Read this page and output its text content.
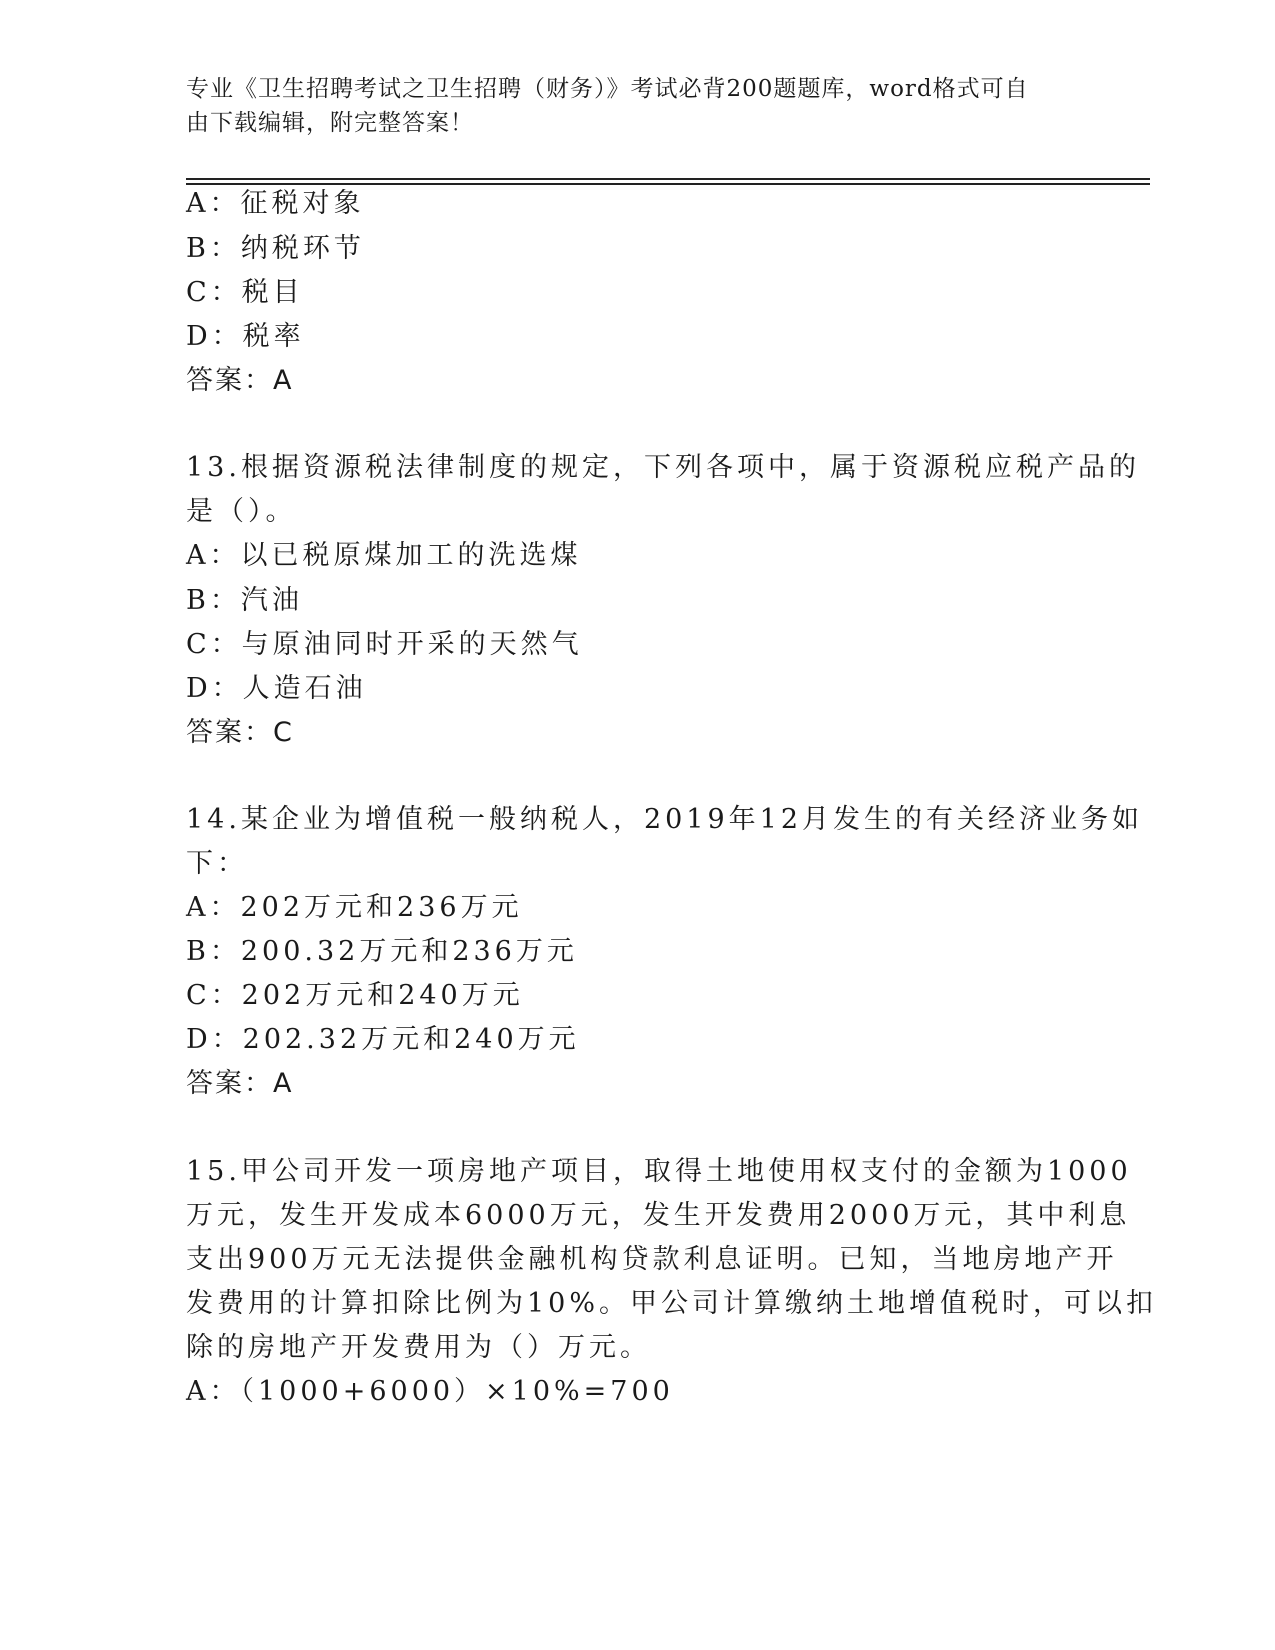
专业《卫生招聘考试之卫生招聘（财务）》考试必背200题题库，word格式可自
由下载编辑，附完整答案！
A：征税对象
B：纳税环节
C：税目
D：税率
答案：A
13.根据资源税法律制度的规定，下列各项中，属于资源税应税产品的
是（）。
A：以已税原煤加工的洗选煤
B：汽油
C：与原油同时开采的天然气
D：人造石油
答案：C
14.某企业为增值税一般纳税人，2019年12月发生的有关经济业务如
下：
A：202万元和236万元
B：200.32万元和236万元
C：202万元和240万元
D：202.32万元和240万元
答案：A
15.甲公司开发一项房地产项目，取得土地使用权支付的金额为1000
万元，发生开发成本6000万元，发生开发费用2000万元，其中利息
支出900万元无法提供金融机构贷款利息证明。已知，当地房地产开
发费用的计算扣除比例为10%。甲公司计算缴纳土地增值税时，可以扣
除的房地产开发费用为（）万元。
A：（1000+6000）×10%=700
